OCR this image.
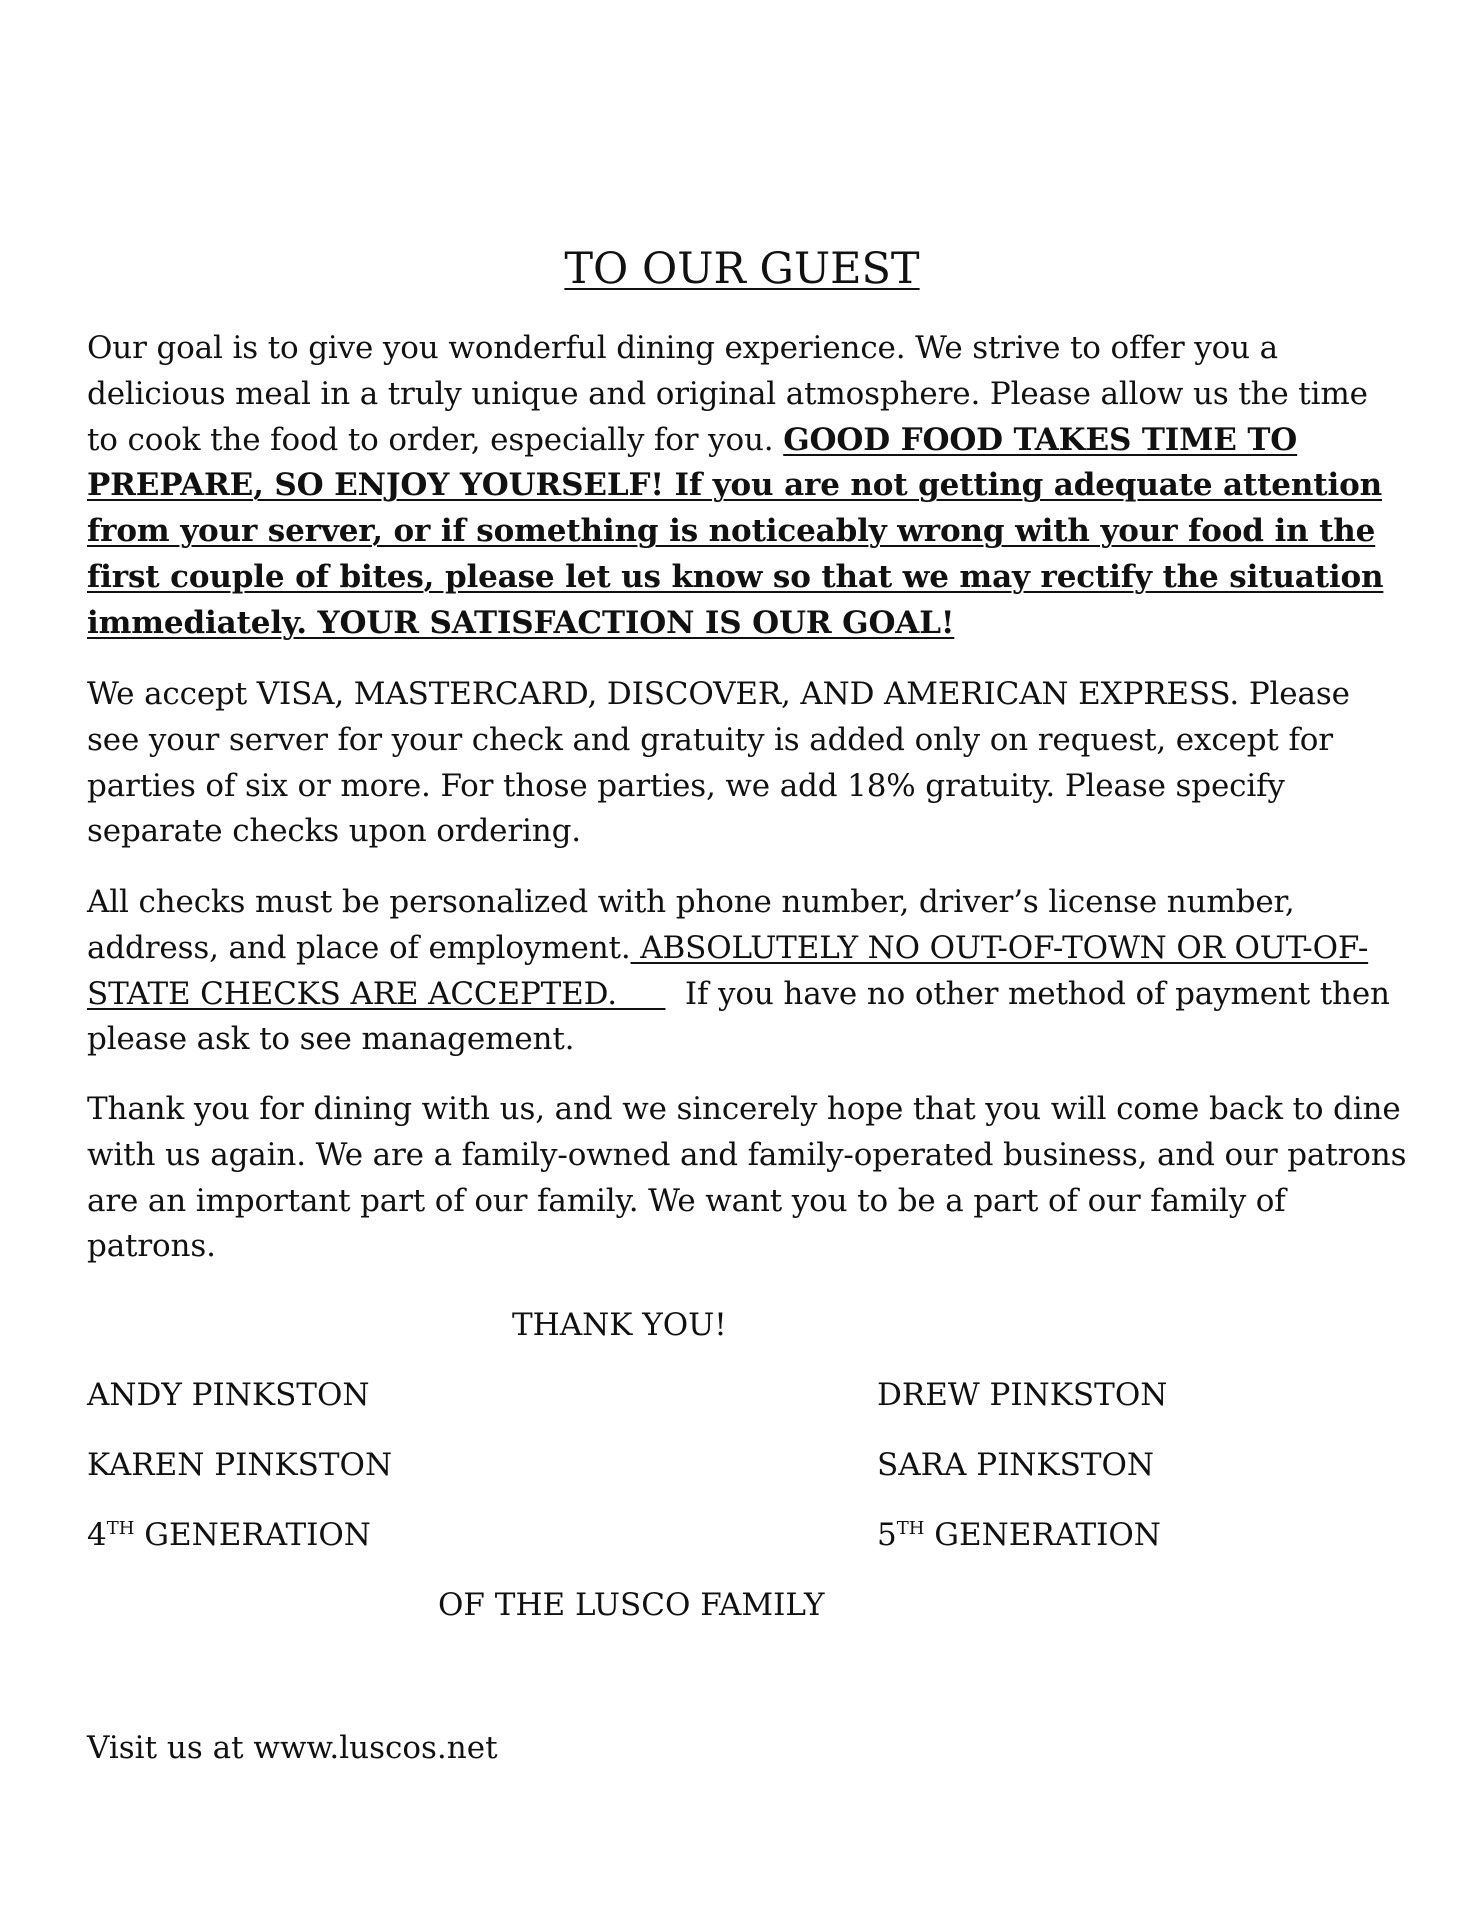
TO OUR GUEST

Our goal is to give you wonderful dining experience. We strive to offer you a delicious meal in a truly unique and original atmosphere. Please allow us the time to cook the food to order, especially for you. GOOD FOOD TAKES TIME TO PREPARE, SO ENJOY YOURSELF! If you are not getting adequate attention from your server, or if something is noticeably wrong with your food in the first couple of bites, please let us know so that we may rectify the situation immediately. YOUR SATISFACTION IS OUR GOAL!

We accept VISA, MASTERCARD, DISCOVER, AND AMERICAN EXPRESS. Please see your server for your check and gratuity is added only on request, except for parties of six or more. For those parties, we add 18% gratuity. Please specify separate checks upon ordering.

All checks must be personalized with phone number, driver’s license number, address, and place of employment. ABSOLUTELY NO OUT-OF-TOWN OR OUT-OF-STATE CHECKS ARE ACCEPTED.       If you have no other method of payment then please ask to see management.

Thank you for dining with us, and we sincerely hope that you will come back to dine with us again. We are a family-owned and family-operated business, and our patrons are an important part of our family. We want you to be a part of our family of patrons.

THANK YOU!
ANDY PINKSTON	DREW PINKSTON
KAREN PINKSTON	SARA PINKSTON
4TH GENERATION	5TH GENERATION
OF THE LUSCO FAMILY
Visit us at www.luscos.net
